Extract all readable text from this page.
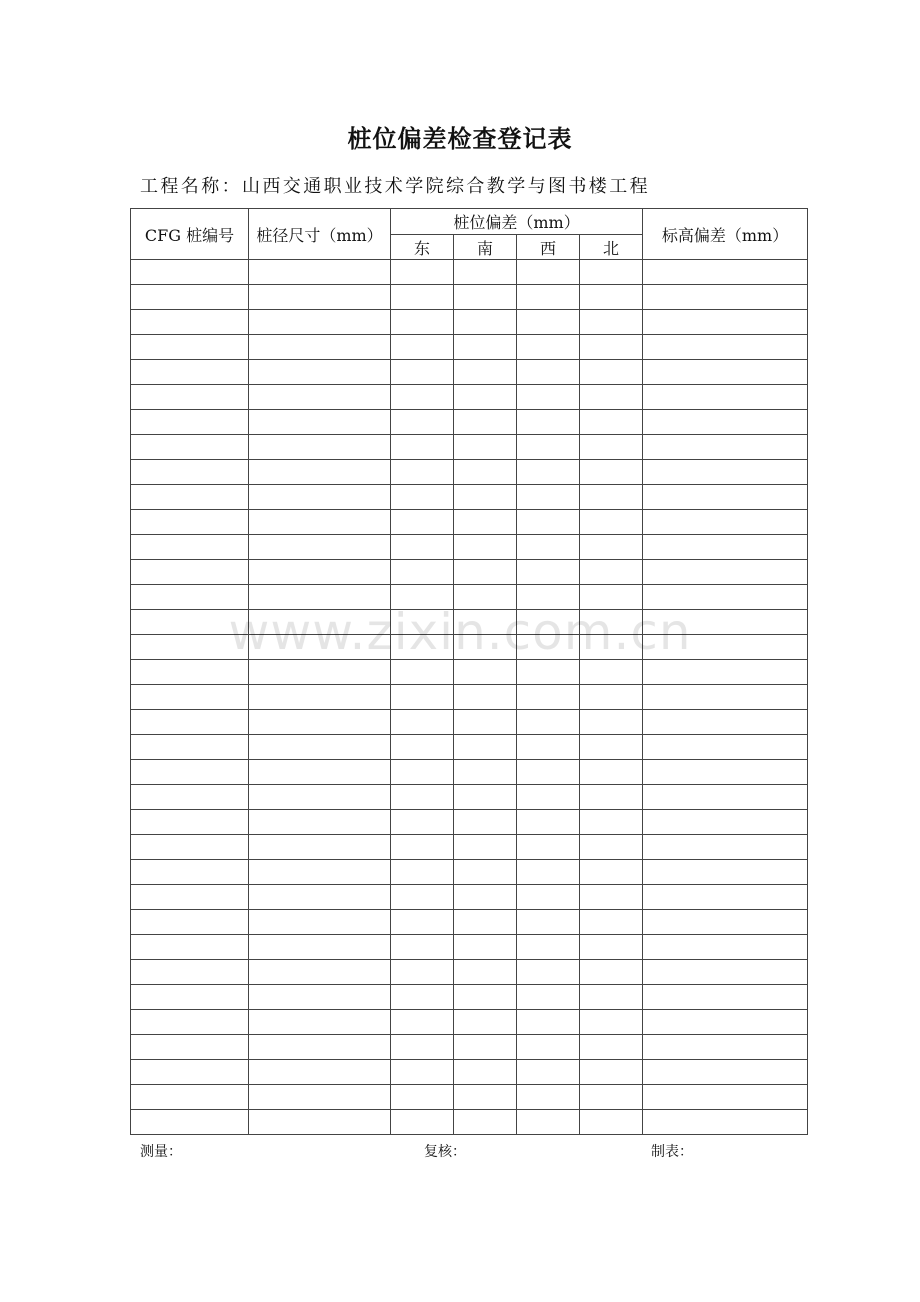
桩位偏差检查登记表
工程名称：山西交通职业技术学院综合教学与图书楼工程
CFG 桩编号	桩径尺寸（mm）	桩位偏差（mm）				标高偏差（mm）
		东	南	西	北	

测量：	复核：	制表：
www.zixin.com.cn
